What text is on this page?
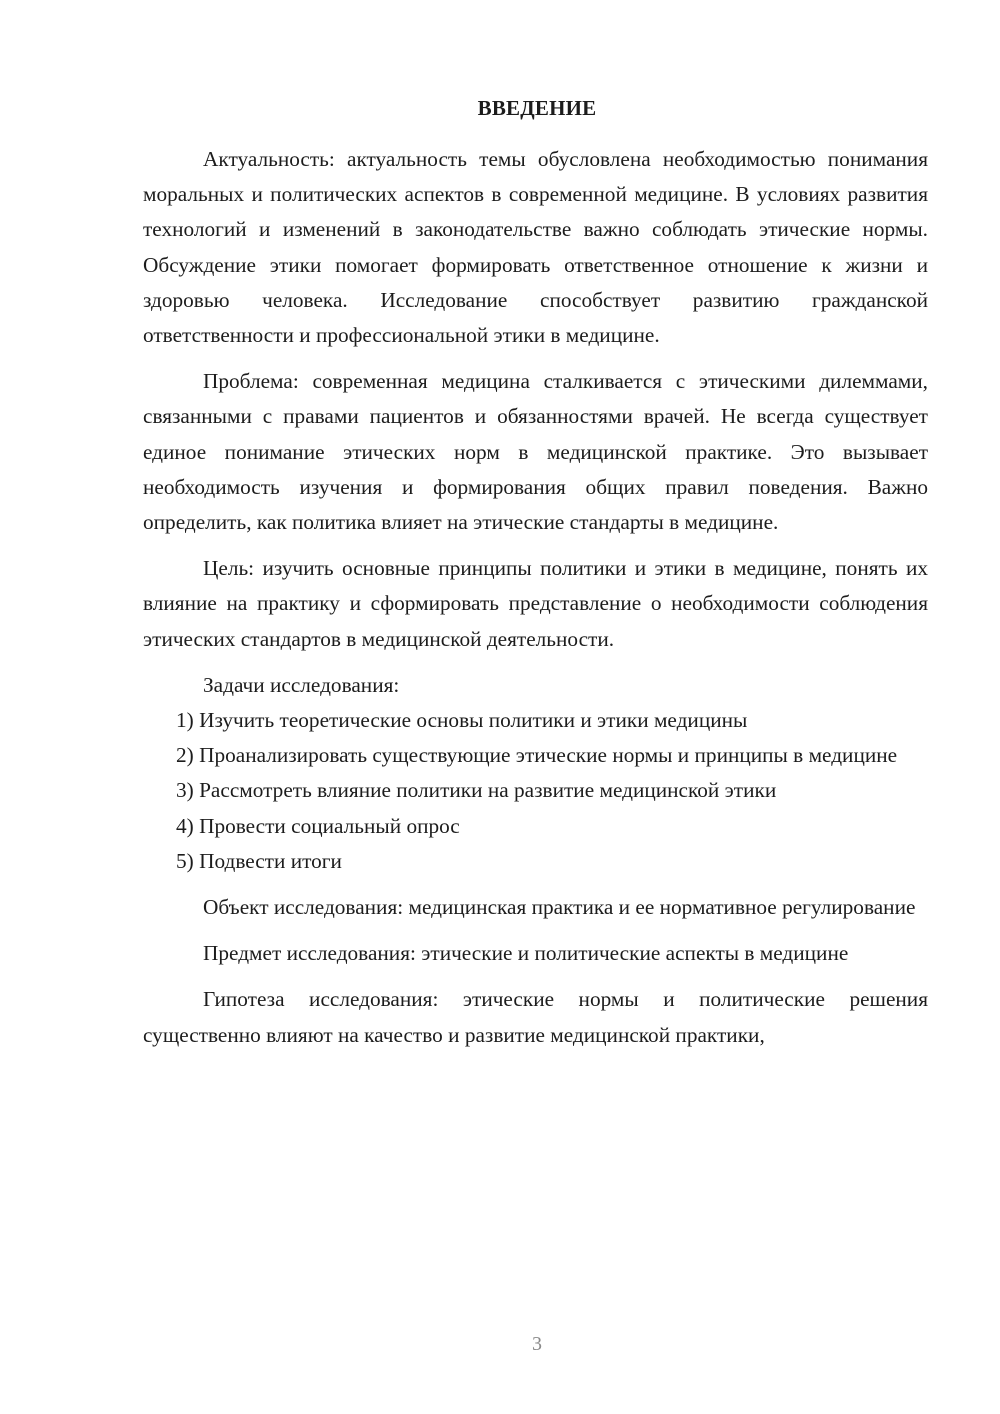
ВВЕДЕНИЕ

Актуальность: актуальность темы обусловлена необходимостью понимания моральных и политических аспектов в современной медицине. В условиях развития технологий и изменений в законодательстве важно соблюдать этические нормы. Обсуждение этики помогает формировать ответственное отношение к жизни и здоровью человека. Исследование способствует развитию гражданской ответственности и профессиональной этики в медицине.

Проблема: современная медицина сталкивается с этическими дилеммами, связанными с правами пациентов и обязанностями врачей. Не всегда существует единое понимание этических норм в медицинской практике. Это вызывает необходимость изучения и формирования общих правил поведения. Важно определить, как политика влияет на этические стандарты в медицине.

Цель: изучить основные принципы политики и этики в медицине, понять их влияние на практику и сформировать представление о необходимости соблюдения этических стандартов в медицинской деятельности.

Задачи исследования:

1) Изучить теоретические основы политики и этики медицины

2) Проанализировать существующие этические нормы и принципы в медицине

3) Рассмотреть влияние политики на развитие медицинской этики

4) Провести социальный опрос

5) Подвести итоги

Объект исследования: медицинская практика и ее нормативное регулирование

Предмет исследования: этические и политические аспекты в медицине

Гипотеза исследования: этические нормы и политические решения существенно влияют на качество и развитие медицинской практики,

3
